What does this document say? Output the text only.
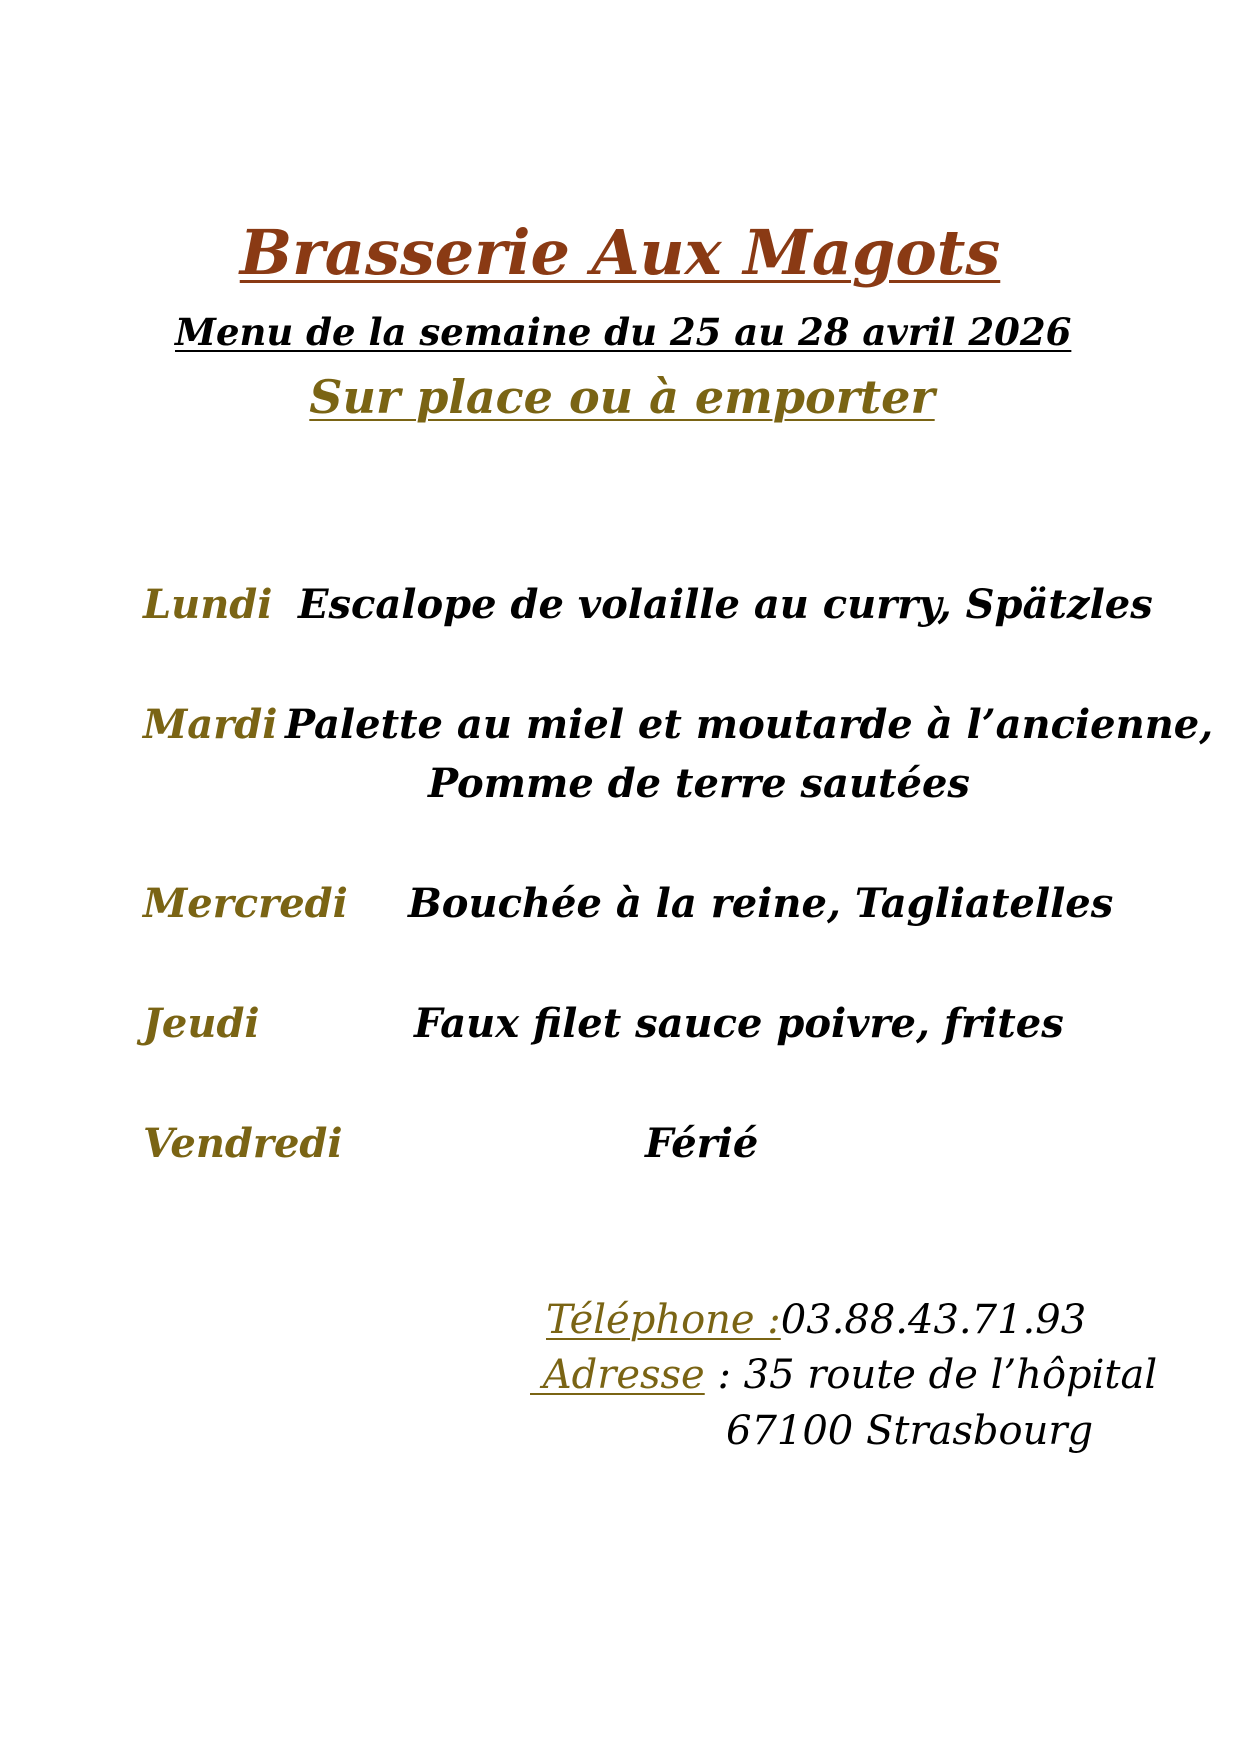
Brasserie Aux Magots
Menu de la semaine du 25 au 28 avril 2026
Sur place ou à emporter
Lundi Escalope de volaille au curry, Spätzles
Mardi Palette au miel et moutarde à l’ancienne,
Pomme de terre sautées
Mercredi Bouchée à la reine, Tagliatelles
Jeudi	Faux filet sauce poivre, frites
Vendredi	Férié
Téléphone :03.88.43.71.93
Adresse : 35 route de l’hôpital
67100 Strasbourg
